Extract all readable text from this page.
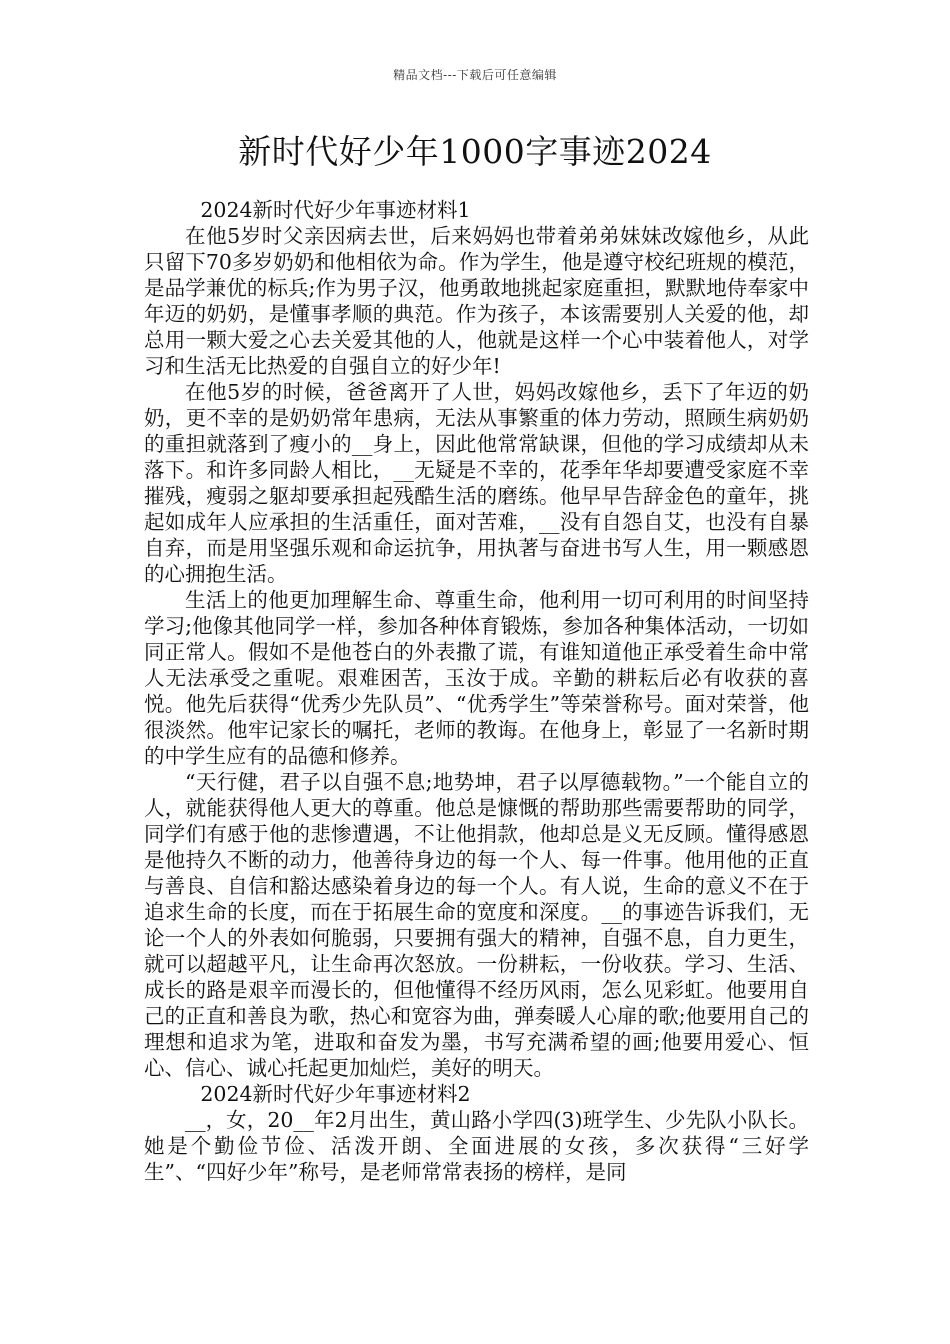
精品文档---下载后可任意编辑
新时代好少年1000字事迹2024
2024新时代好少年事迹材料1

在他5岁时父亲因病去世，后来妈妈也带着弟弟妹妹改嫁他乡，从此只留下70多岁奶奶和他相依为命。作为学生，他是遵守校纪班规的模范，是品学兼优的标兵;作为男子汉，他勇敢地挑起家庭重担，默默地侍奉家中年迈的奶奶，是懂事孝顺的典范。作为孩子，本该需要别人关爱的他，却总用一颗大爱之心去关爱其他的人，他就是这样一个心中装着他人，对学习和生活无比热爱的自强自立的好少年!

在他5岁的时候，爸爸离开了人世，妈妈改嫁他乡，丢下了年迈的奶奶，更不幸的是奶奶常年患病，无法从事繁重的体力劳动，照顾生病奶奶的重担就落到了瘦小的__身上，因此他常常缺课，但他的学习成绩却从未落下。和许多同龄人相比，__无疑是不幸的，花季年华却要遭受家庭不幸摧残，瘦弱之躯却要承担起残酷生活的磨练。他早早告辞金色的童年，挑起如成年人应承担的生活重任，面对苦难，__没有自怨自艾，也没有自暴自弃，而是用坚强乐观和命运抗争，用执著与奋进书写人生，用一颗感恩的心拥抱生活。

生活上的他更加理解生命、尊重生命，他利用一切可利用的时间坚持学习;他像其他同学一样，参加各种体育锻炼，参加各种集体活动，一切如同正常人。假如不是他苍白的外表撒了谎，有谁知道他正承受着生命中常人无法承受之重呢。艰难困苦，玉汝于成。辛勤的耕耘后必有收获的喜悦。他先后获得“优秀少先队员”、“优秀学生”等荣誉称号。面对荣誉，他很淡然。他牢记家长的嘱托，老师的教诲。在他身上，彰显了一名新时期的中学生应有的品德和修养。

“天行健，君子以自强不息;地势坤，君子以厚德载物。”一个能自立的人，就能获得他人更大的尊重。他总是慷慨的帮助那些需要帮助的同学，同学们有感于他的悲惨遭遇，不让他捐款，他却总是义无反顾。懂得感恩是他持久不断的动力，他善待身边的每一个人、每一件事。他用他的正直与善良、自信和豁达感染着身边的每一个人。有人说，生命的意义不在于追求生命的长度，而在于拓展生命的宽度和深度。__的事迹告诉我们，无论一个人的外表如何脆弱，只要拥有强大的精神，自强不息，自力更生，就可以超越平凡，让生命再次怒放。一份耕耘，一份收获。学习、生活、成长的路是艰辛而漫长的，但他懂得不经历风雨，怎么见彩虹。他要用自己的正直和善良为歌，热心和宽容为曲，弹奏暖人心扉的歌;他要用自己的理想和追求为笔，进取和奋发为墨，书写充满希望的画;他要用爱心、恒心、信心、诚心托起更加灿烂，美好的明天。

2024新时代好少年事迹材料2

__，女，20__年2月出生，黄山路小学四(3)班学生、少先队小队长。她是个勤俭节俭、活泼开朗、全面进展的女孩，多次获得“三好学生”、“四好少年”称号，是老师常常表扬的榜样，是同
